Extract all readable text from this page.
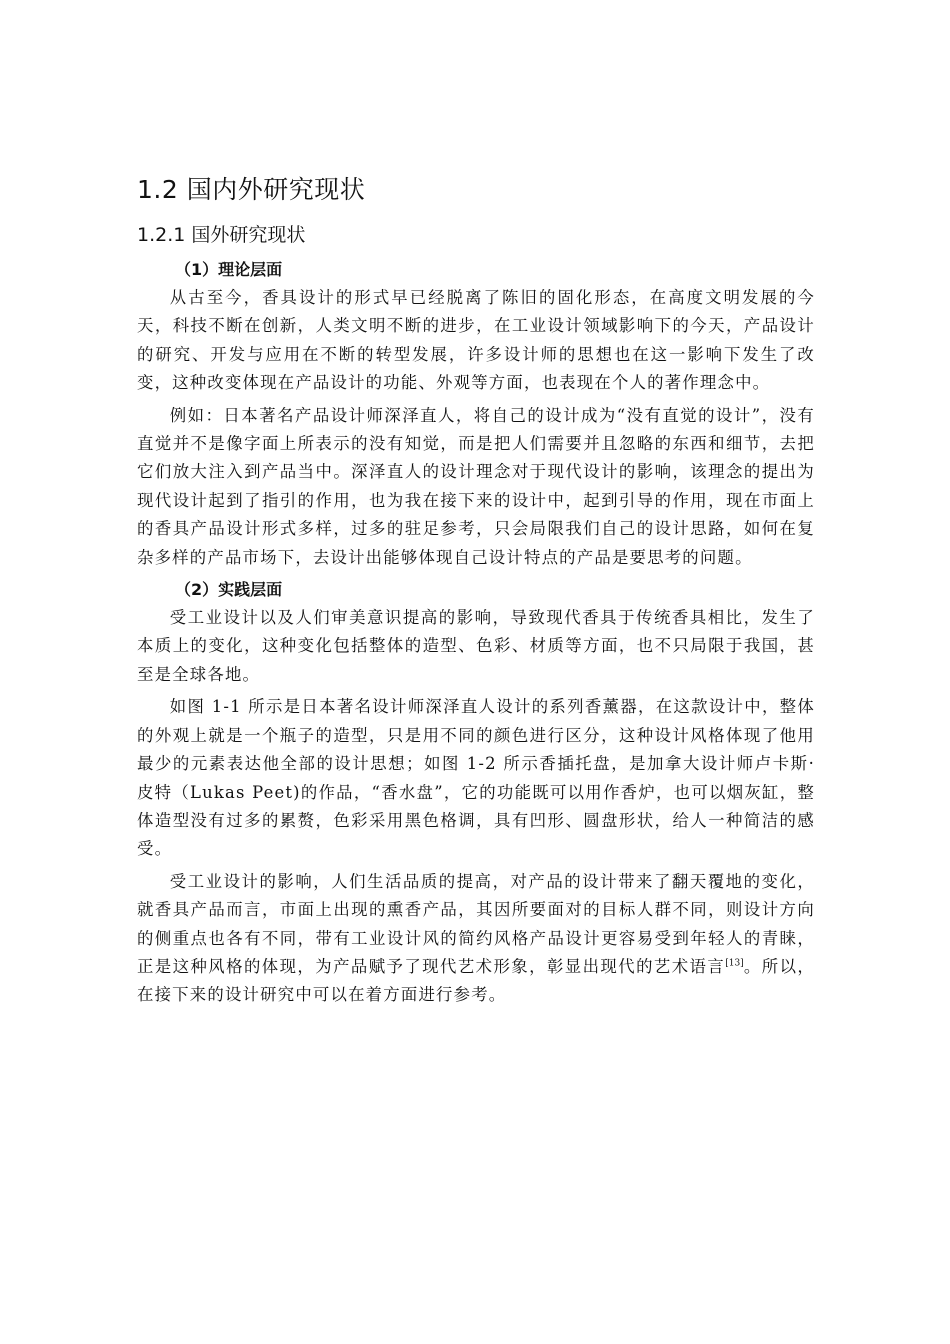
1.2 国内外研究现状
1.2.1 国外研究现状

（1）理论层面

从古至今，香具设计的形式早已经脱离了陈旧的固化形态，在高度文明发展的今天，科技不断在创新，人类文明不断的进步，在工业设计领域影响下的今天，产品设计的研究、开发与应用在不断的转型发展，许多设计师的思想也在这一影响下发生了改变，这种改变体现在产品设计的功能、外观等方面，也表现在个人的著作理念中。

例如：日本著名产品设计师深泽直人，将自己的设计成为“没有直觉的设计”，没有直觉并不是像字面上所表示的没有知觉，而是把人们需要并且忽略的东西和细节，去把它们放大注入到产品当中。深泽直人的设计理念对于现代设计的影响，该理念的提出为现代设计起到了指引的作用，也为我在接下来的设计中，起到引导的作用，现在市面上的香具产品设计形式多样，过多的驻足参考，只会局限我们自己的设计思路，如何在复杂多样的产品市场下，去设计出能够体现自己设计特点的产品是要思考的问题。

（2）实践层面

受工业设计以及人们审美意识提高的影响，导致现代香具于传统香具相比，发生了本质上的变化，这种变化包括整体的造型、色彩、材质等方面，也不只局限于我国，甚至是全球各地。

如图 1-1 所示是日本著名设计师深泽直人设计的系列香薰器，在这款设计中，整体的外观上就是一个瓶子的造型，只是用不同的颜色进行区分，这种设计风格体现了他用最少的元素表达他全部的设计思想；如图 1-2 所示香插托盘，是加拿大设计师卢卡斯·皮特（Lukas Peet)的作品，“香水盘”，它的功能既可以用作香炉，也可以烟灰缸，整体造型没有过多的累赘，色彩采用黑色格调，具有凹形、圆盘形状，给人一种简洁的感受。

受工业设计的影响，人们生活品质的提高，对产品的设计带来了翻天覆地的变化，就香具产品而言，市面上出现的熏香产品，其因所要面对的目标人群不同，则设计方向的侧重点也各有不同，带有工业设计风的简约风格产品设计更容易受到年轻人的青睐，正是这种风格的体现，为产品赋予了现代艺术形象，彰显出现代的艺术语言[13]。所以，在接下来的设计研究中可以在着方面进行参考。
